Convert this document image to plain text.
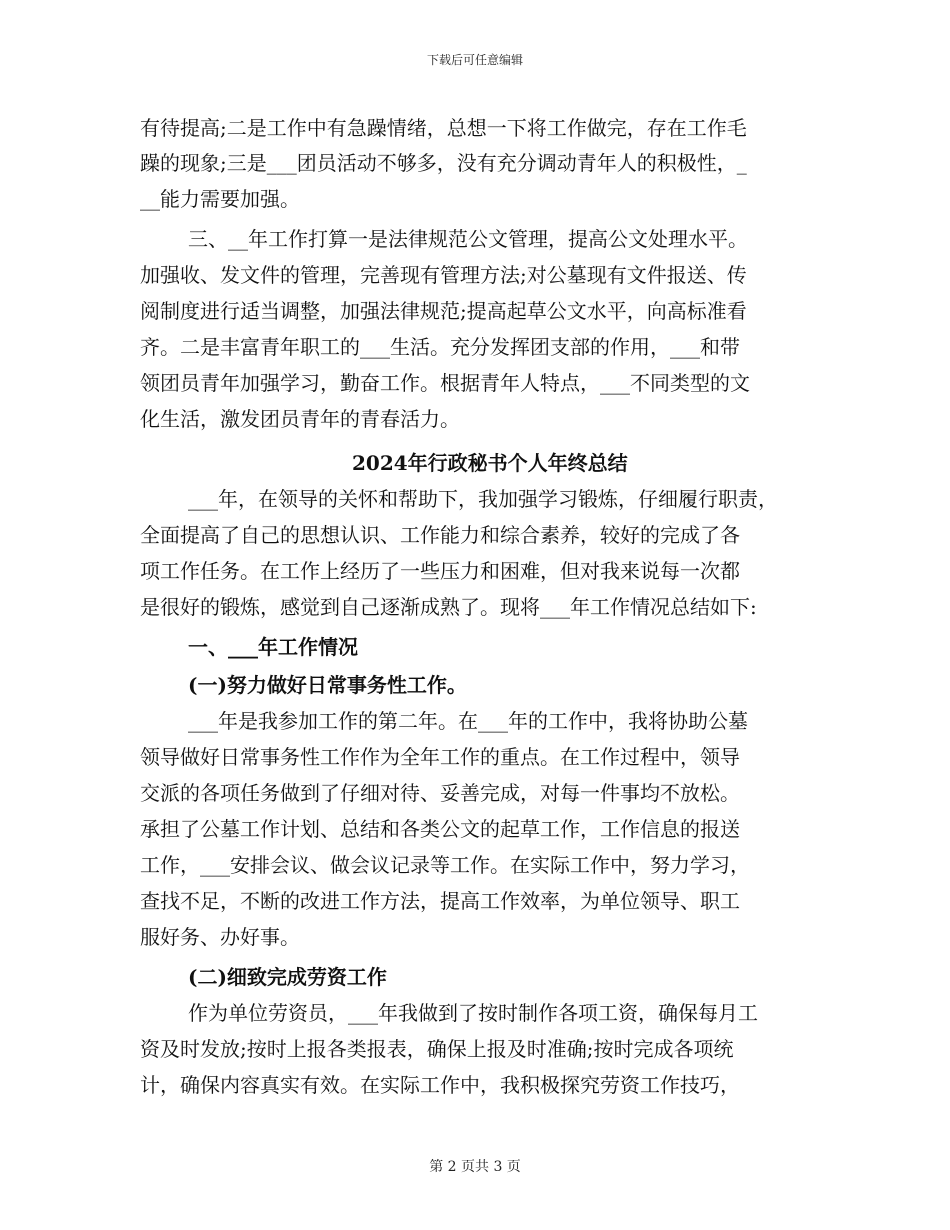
下载后可任意编辑
有待提高;二是工作中有急躁情绪，总想一下将工作做完，存在工作毛
躁的现象;三是___团员活动不够多，没有充分调动青年人的积极性，_
__能力需要加强。
三、__年工作打算一是法律规范公文管理，提高公文处理水平。
加强收、发文件的管理，完善现有管理方法;对公墓现有文件报送、传
阅制度进行适当调整，加强法律规范;提高起草公文水平，向高标准看
齐。二是丰富青年职工的___生活。充分发挥团支部的作用，___和带
领团员青年加强学习，勤奋工作。根据青年人特点，___不同类型的文
化生活，激发团员青年的青春活力。
2024年行政秘书个人年终总结
___年，在领导的关怀和帮助下，我加强学习锻炼，仔细履行职责，
全面提高了自己的思想认识、工作能力和综合素养，较好的完成了各
项工作任务。在工作上经历了一些压力和困难，但对我来说每一次都
是很好的锻炼，感觉到自己逐渐成熟了。现将___年工作情况总结如下:
一、___年工作情况
(一)努力做好日常事务性工作。
___年是我参加工作的第二年。在___年的工作中，我将协助公墓
领导做好日常事务性工作作为全年工作的重点。在工作过程中，领导
交派的各项任务做到了仔细对待、妥善完成，对每一件事均不放松。
承担了公墓工作计划、总结和各类公文的起草工作，工作信息的报送
工作，___安排会议、做会议记录等工作。在实际工作中，努力学习，
查找不足，不断的改进工作方法，提高工作效率，为单位领导、职工
服好务、办好事。
(二)细致完成劳资工作
作为单位劳资员，___年我做到了按时制作各项工资，确保每月工
资及时发放;按时上报各类报表，确保上报及时准确;按时完成各项统
计，确保内容真实有效。在实际工作中，我积极探究劳资工作技巧，
第 2 页共 3 页
